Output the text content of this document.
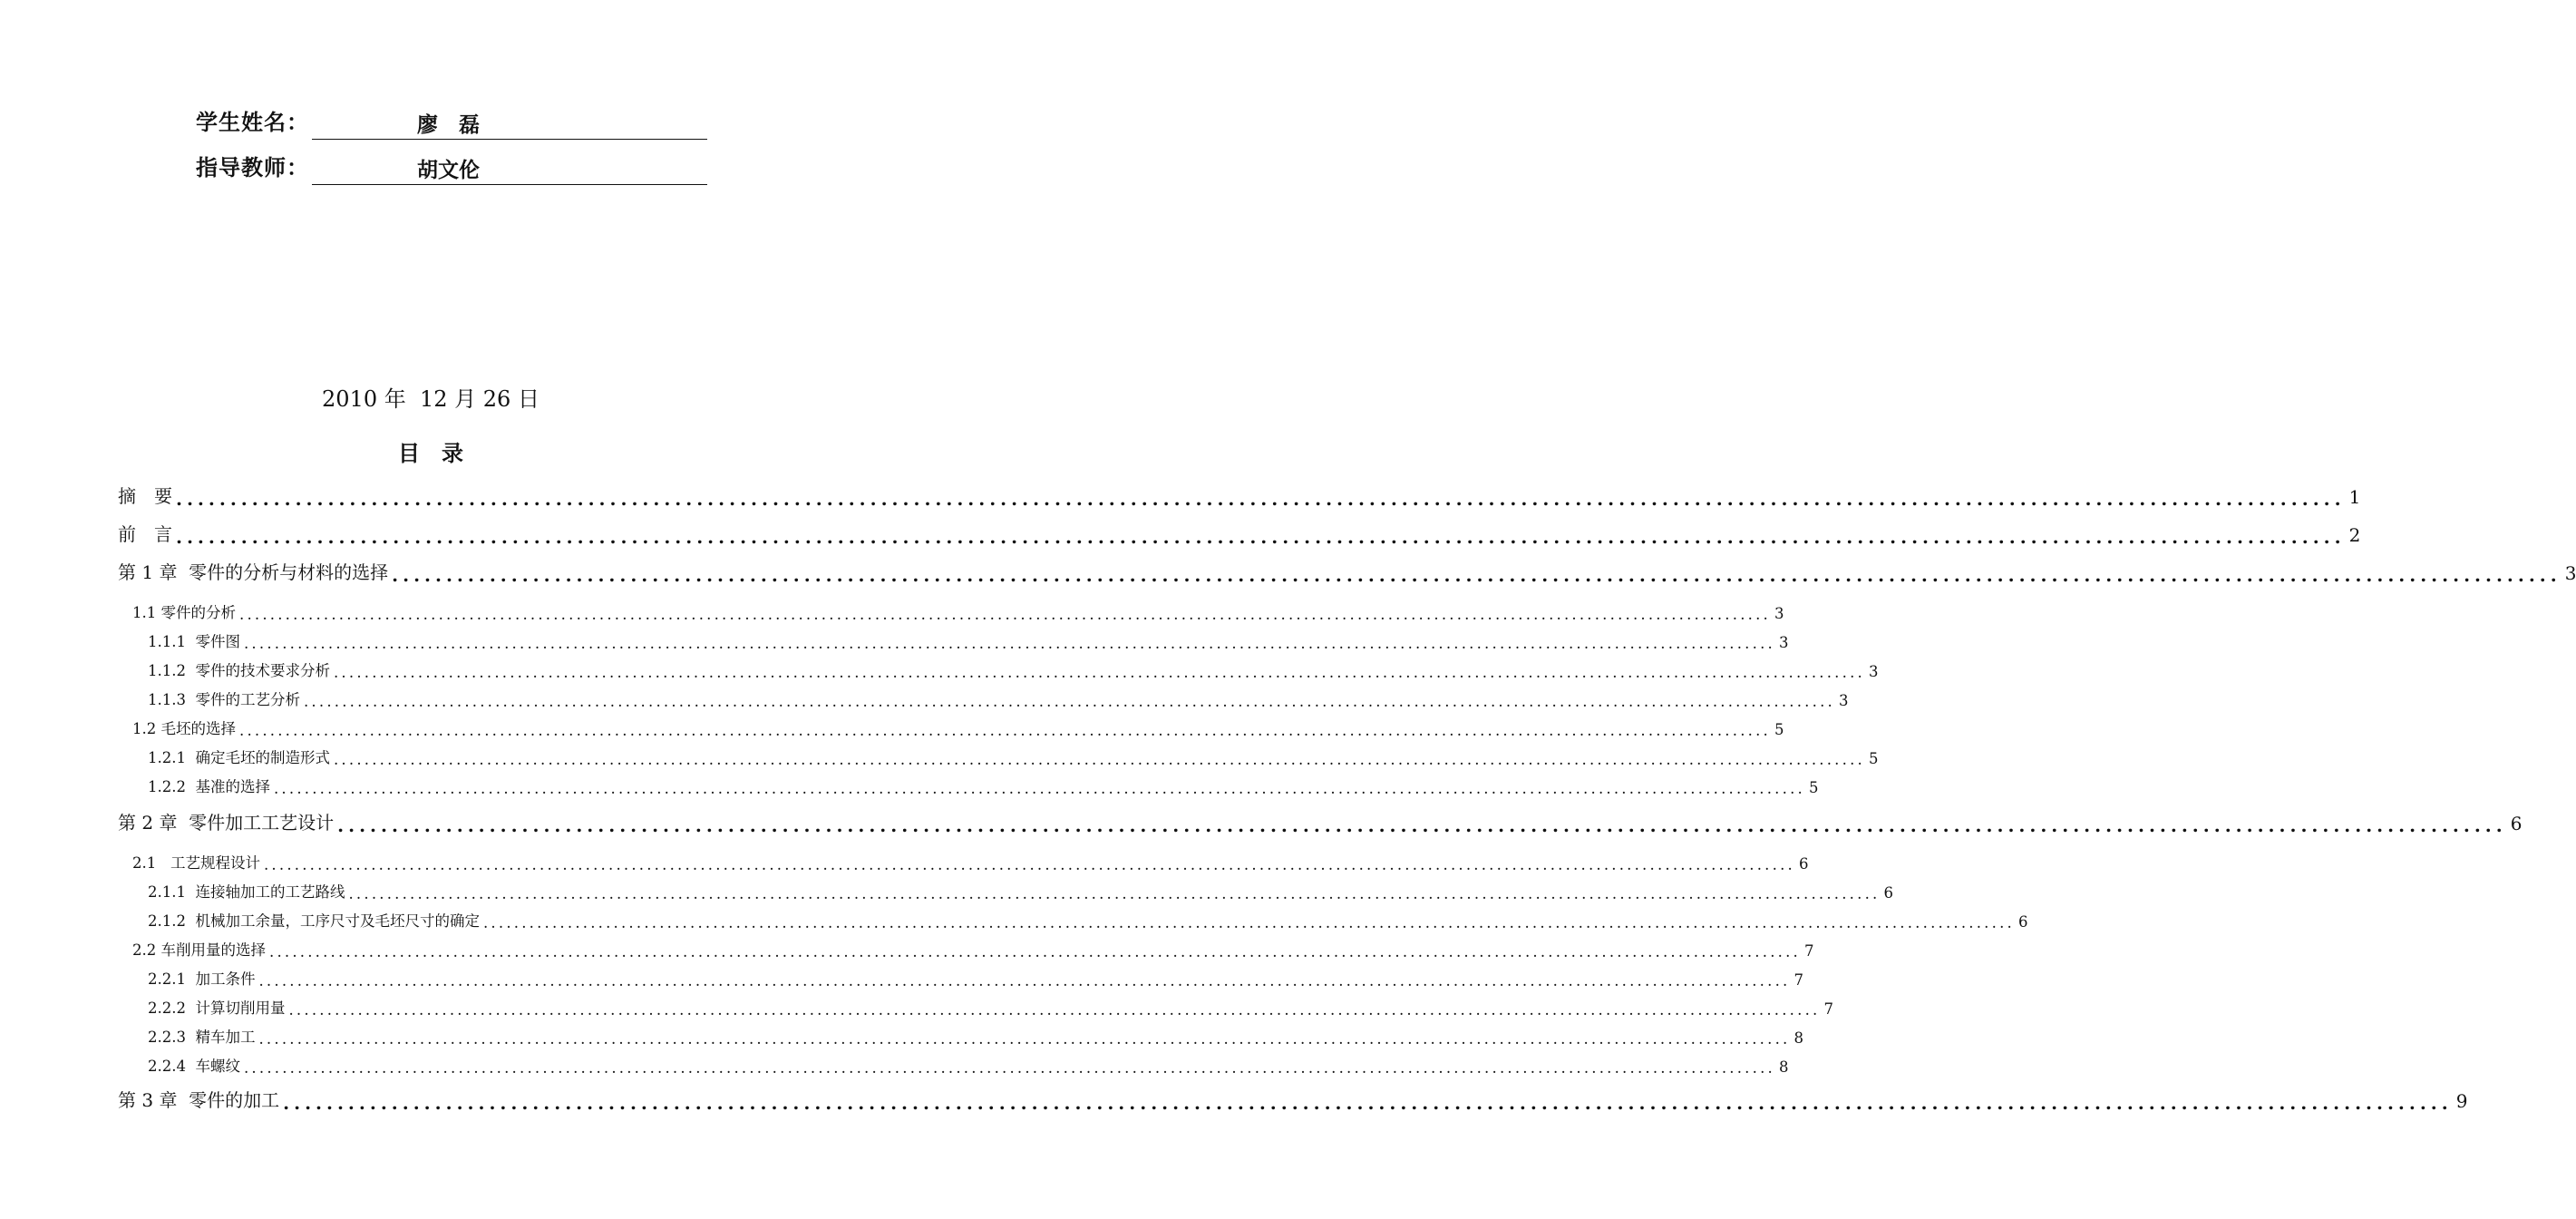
学生姓名：	廖　磊
指导教师：	胡文伦
2010 年  12 月 26 日
目　录
摘　要 ........................................................................................................................................................................................................ 1
前　言 ........................................................................................................................................................................................................ 2
第 1 章  零件的分析与材料的选择 ........................................................................................................................................................................................................ 3
1.1 零件的分析 ........................................................................................................................................................................................................ 3
1.1.1  零件图 ........................................................................................................................................................................................................ 3
1.1.2  零件的技术要求分析 ........................................................................................................................................................................................................ 3
1.1.3  零件的工艺分析 ........................................................................................................................................................................................................ 3
1.2 毛坯的选择 ........................................................................................................................................................................................................ 5
1.2.1  确定毛坯的制造形式 ........................................................................................................................................................................................................ 5
1.2.2  基准的选择 ........................................................................................................................................................................................................ 5
第 2 章  零件加工工艺设计 ........................................................................................................................................................................................................ 6
2.1   工艺规程设计 ........................................................................................................................................................................................................ 6
2.1.1  连接轴加工的工艺路线 ........................................................................................................................................................................................................ 6
2.1.2  机械加工余量，工序尺寸及毛坯尺寸的确定 ........................................................................................................................................................................................................ 6
2.2 车削用量的选择 ........................................................................................................................................................................................................ 7
2.2.1  加工条件 ........................................................................................................................................................................................................ 7
2.2.2  计算切削用量 ........................................................................................................................................................................................................ 7
2.2.3  精车加工 ........................................................................................................................................................................................................ 8
2.2.4  车螺纹 ........................................................................................................................................................................................................ 8
第 3 章  零件的加工 ........................................................................................................................................................................................................ 9
